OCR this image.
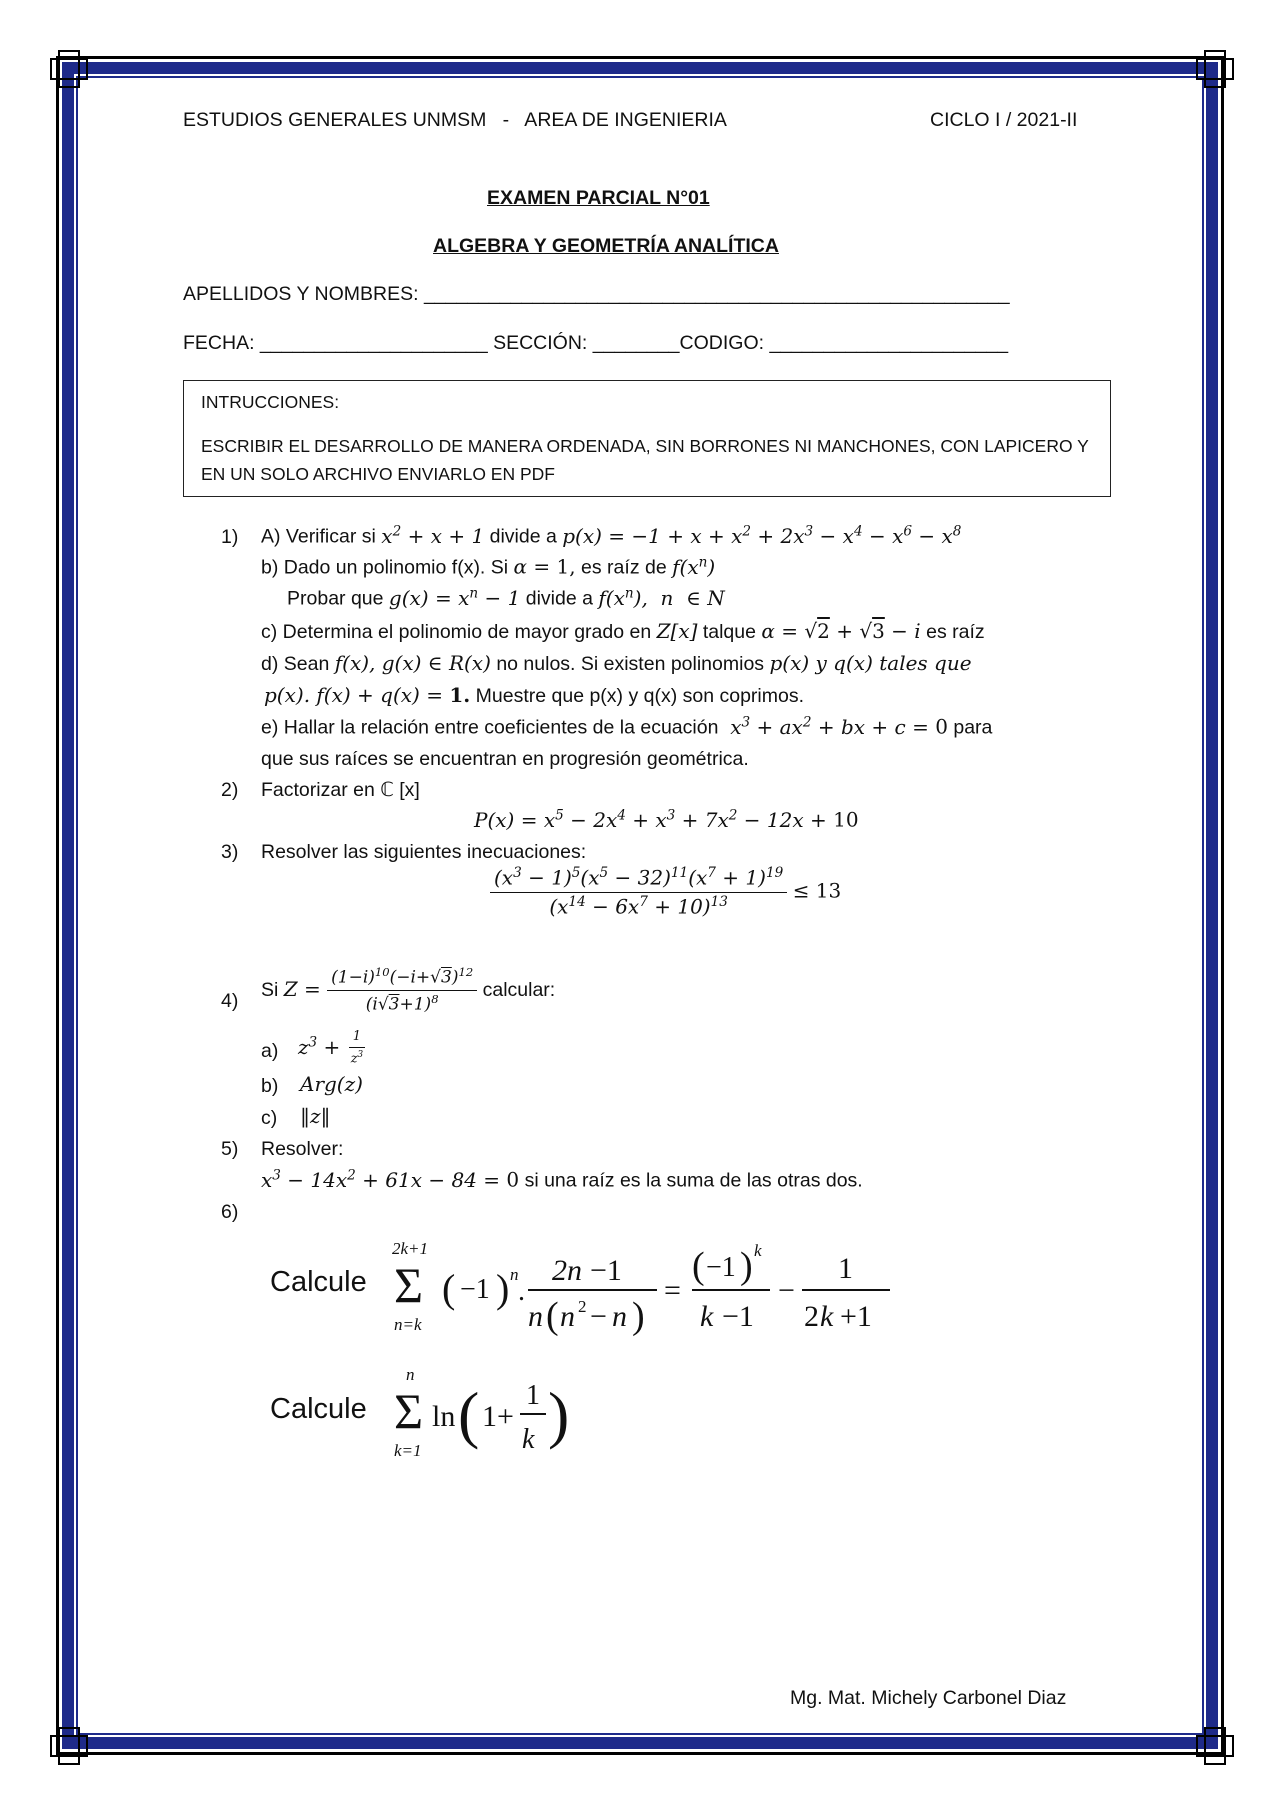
ESTUDIOS GENERALES UNMSM   -   AREA DE INGENIERIA	CICLO I / 2021-II
EXAMEN PARCIAL N°01
ALGEBRA Y GEOMETRÍA ANALÍTICA
APELLIDOS Y NOMBRES: ______________________________________________________
FECHA: _____________________ SECCIÓN: ________CODIGO: ______________________
INTRUCCIONES:
ESCRIBIR EL DESARROLLO DE MANERA ORDENADA, SIN BORRONES NI MANCHONES, CON LAPICERO Y
EN UN SOLO ARCHIVO ENVIARLO EN PDF
1) A) Verificar si $x^2 + x + 1$ divide a $p(x) = -1 + x + x^2 + 2x^3 - x^4 - x^6 - x^8$
b) Dado un polinomio f(x). Si α = 1, es raíz de $f(x^n)$
Probar que $g(x) = x^n - 1$ divide a $f(x^n)$,  n  ∈ N
c) Determina el polinomio de mayor grado en Z[x] talque α = √2 + √3 − i es raíz
d) Sean f(x), g(x) ∈ R(x) no nulos. Si existen polinomios p(x) y q(x) tales que
p(x). f(x) + q(x) = 1. Muestre que p(x) y q(x) son coprimos.
e) Hallar la relación entre coeficientes de la ecuación  $x^3 + ax^2$ + bx + c = 0 para
que sus raíces se encuentran en progresión geométrica.
2) Factorizar en ℂ [x]
$P(x) = x^5 - 2x^4 + x^3 + 7x^2 - 12x + 10$
3) Resolver las siguientes inecuaciones:
$\frac{(x^3 - 1)^5(x^5 - 32)^{11}(x^7 + 1)^{19}}{(x^{14} - 6x^7 + 10)^{13}} \le 13$
4)
Si $Z = \frac{(1-i)^{10}(-i+√3)^{12}}{(i√3+1)^8}$ calcular:
a) $z^3 + \frac{1}{z^3}$
b) Arg(z)
c) ‖z‖
5) Resolver:
$x^3 - 14x^2 + 61x - 84 = 0$ si una raíz es la suma de las otras dos.
6)
Calcule
2k+1
Σ
n=k
( −1 ) n
.
2n −1
n ( n 2 − n )
=
( −1 ) k
k −1
−
1
2 k +1
Calcule
n
Σ
k=1
ln ( 1+
1
k )
Mg. Mat. Michely Carbonel Diaz
